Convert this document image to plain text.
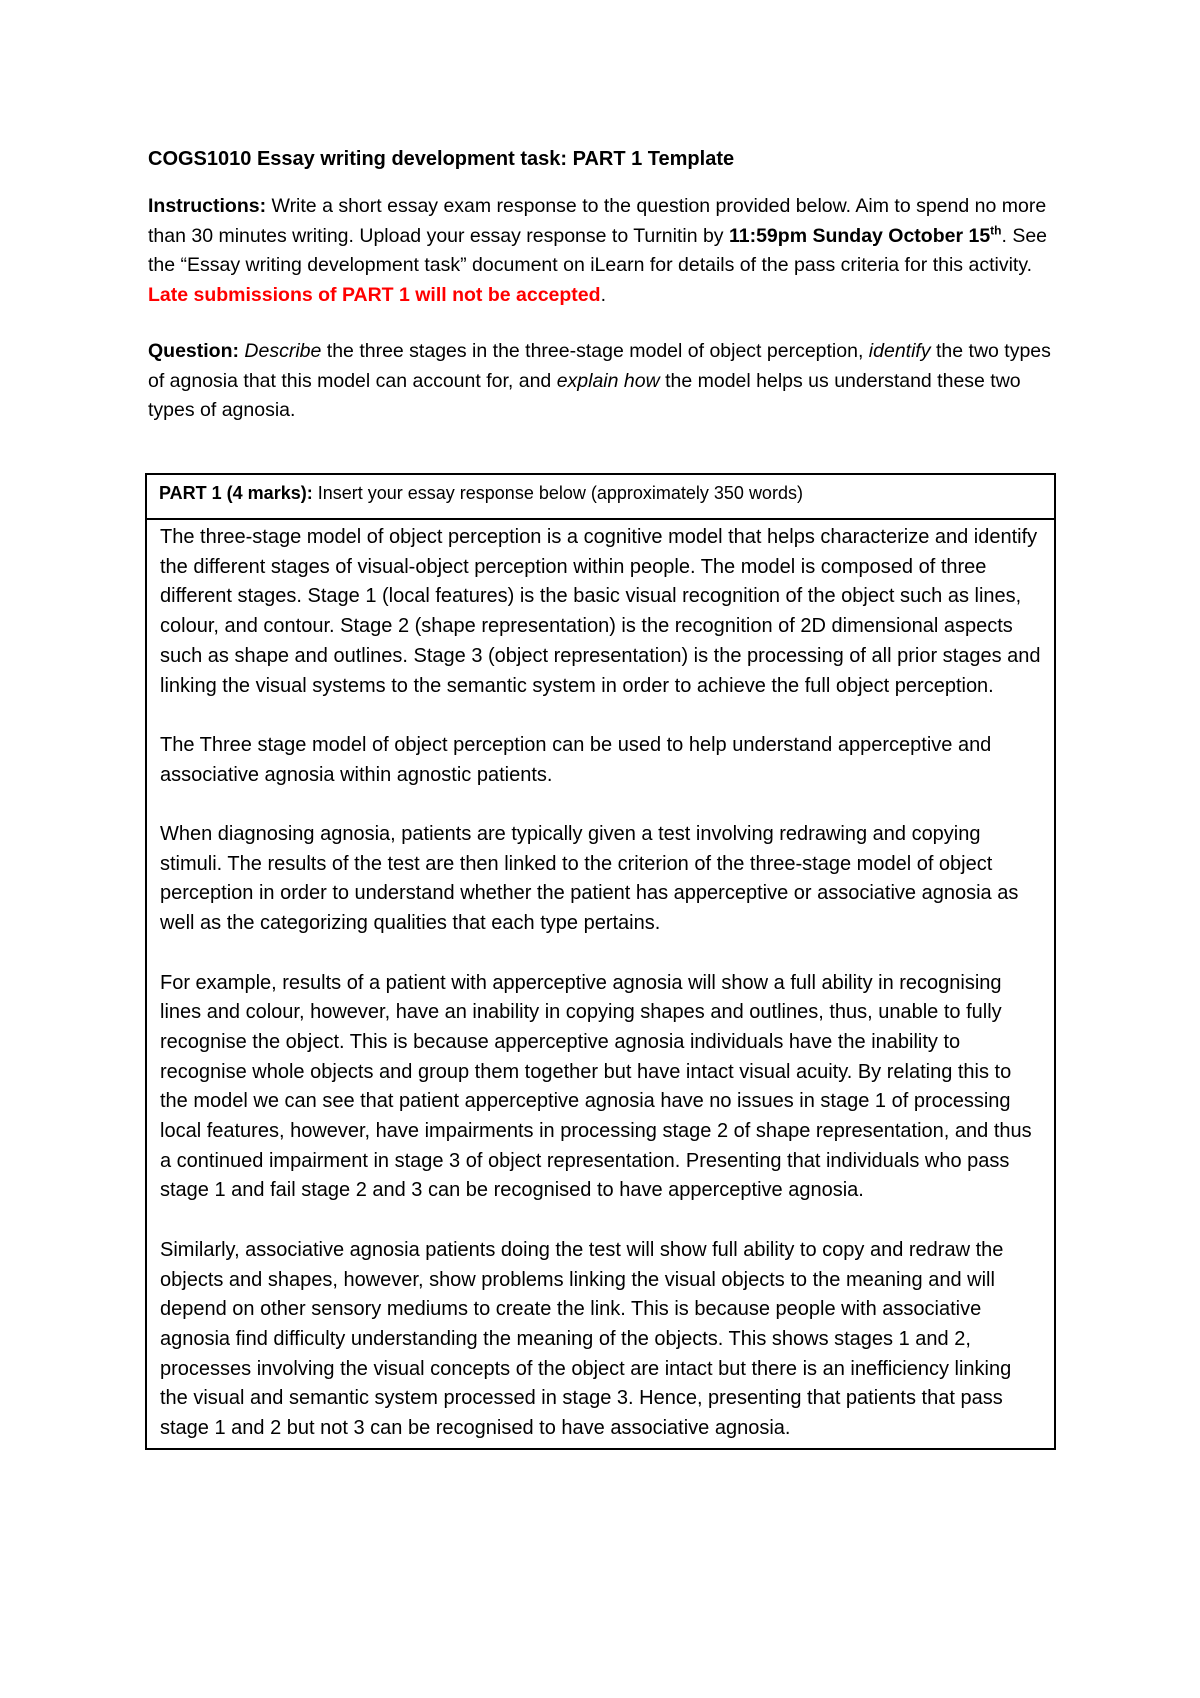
COGS1010 Essay writing development task: PART 1 Template
Instructions: Write a short essay exam response to the question provided below. Aim to spend no more than 30 minutes writing. Upload your essay response to Turnitin by 11:59pm Sunday October 15th. See the “Essay writing development task” document on iLearn for details of the pass criteria for this activity. Late submissions of PART 1 will not be accepted.
Question: Describe the three stages in the three-stage model of object perception, identify the two types of agnosia that this model can account for, and explain how the model helps us understand these two types of agnosia.
PART 1 (4 marks): Insert your essay response below (approximately 350 words)

The three-stage model of object perception is a cognitive model that helps characterize and identify the different stages of visual-object perception within people. The model is composed of three different stages. Stage 1 (local features) is the basic visual recognition of the object such as lines, colour, and contour. Stage 2 (shape representation) is the recognition of 2D dimensional aspects such as shape and outlines. Stage 3 (object representation) is the processing of all prior stages and linking the visual systems to the semantic system in order to achieve the full object perception.

The Three stage model of object perception can be used to help understand apperceptive and associative agnosia within agnostic patients.

When diagnosing agnosia, patients are typically given a test involving redrawing and copying stimuli. The results of the test are then linked to the criterion of the three-stage model of object perception in order to understand whether the patient has apperceptive or associative agnosia as well as the categorizing qualities that each type pertains.

For example, results of a patient with apperceptive agnosia will show a full ability in recognising lines and colour, however, have an inability in copying shapes and outlines, thus, unable to fully recognise the object. This is because apperceptive agnosia individuals have the inability to recognise whole objects and group them together but have intact visual acuity. By relating this to the model we can see that patient apperceptive agnosia have no issues in stage 1 of processing local features, however, have impairments in processing stage 2 of shape representation, and thus a continued impairment in stage 3 of object representation. Presenting that individuals who pass stage 1 and fail stage 2 and 3 can be recognised to have apperceptive agnosia.

Similarly, associative agnosia patients doing the test will show full ability to copy and redraw the objects and shapes, however, show problems linking the visual objects to the meaning and will depend on other sensory mediums to create the link. This is because people with associative agnosia find difficulty understanding the meaning of the objects. This shows stages 1 and 2, processes involving the visual concepts of the object are intact but there is an inefficiency linking the visual and semantic system processed in stage 3. Hence, presenting that patients that pass stage 1 and 2 but not 3 can be recognised to have associative agnosia.
